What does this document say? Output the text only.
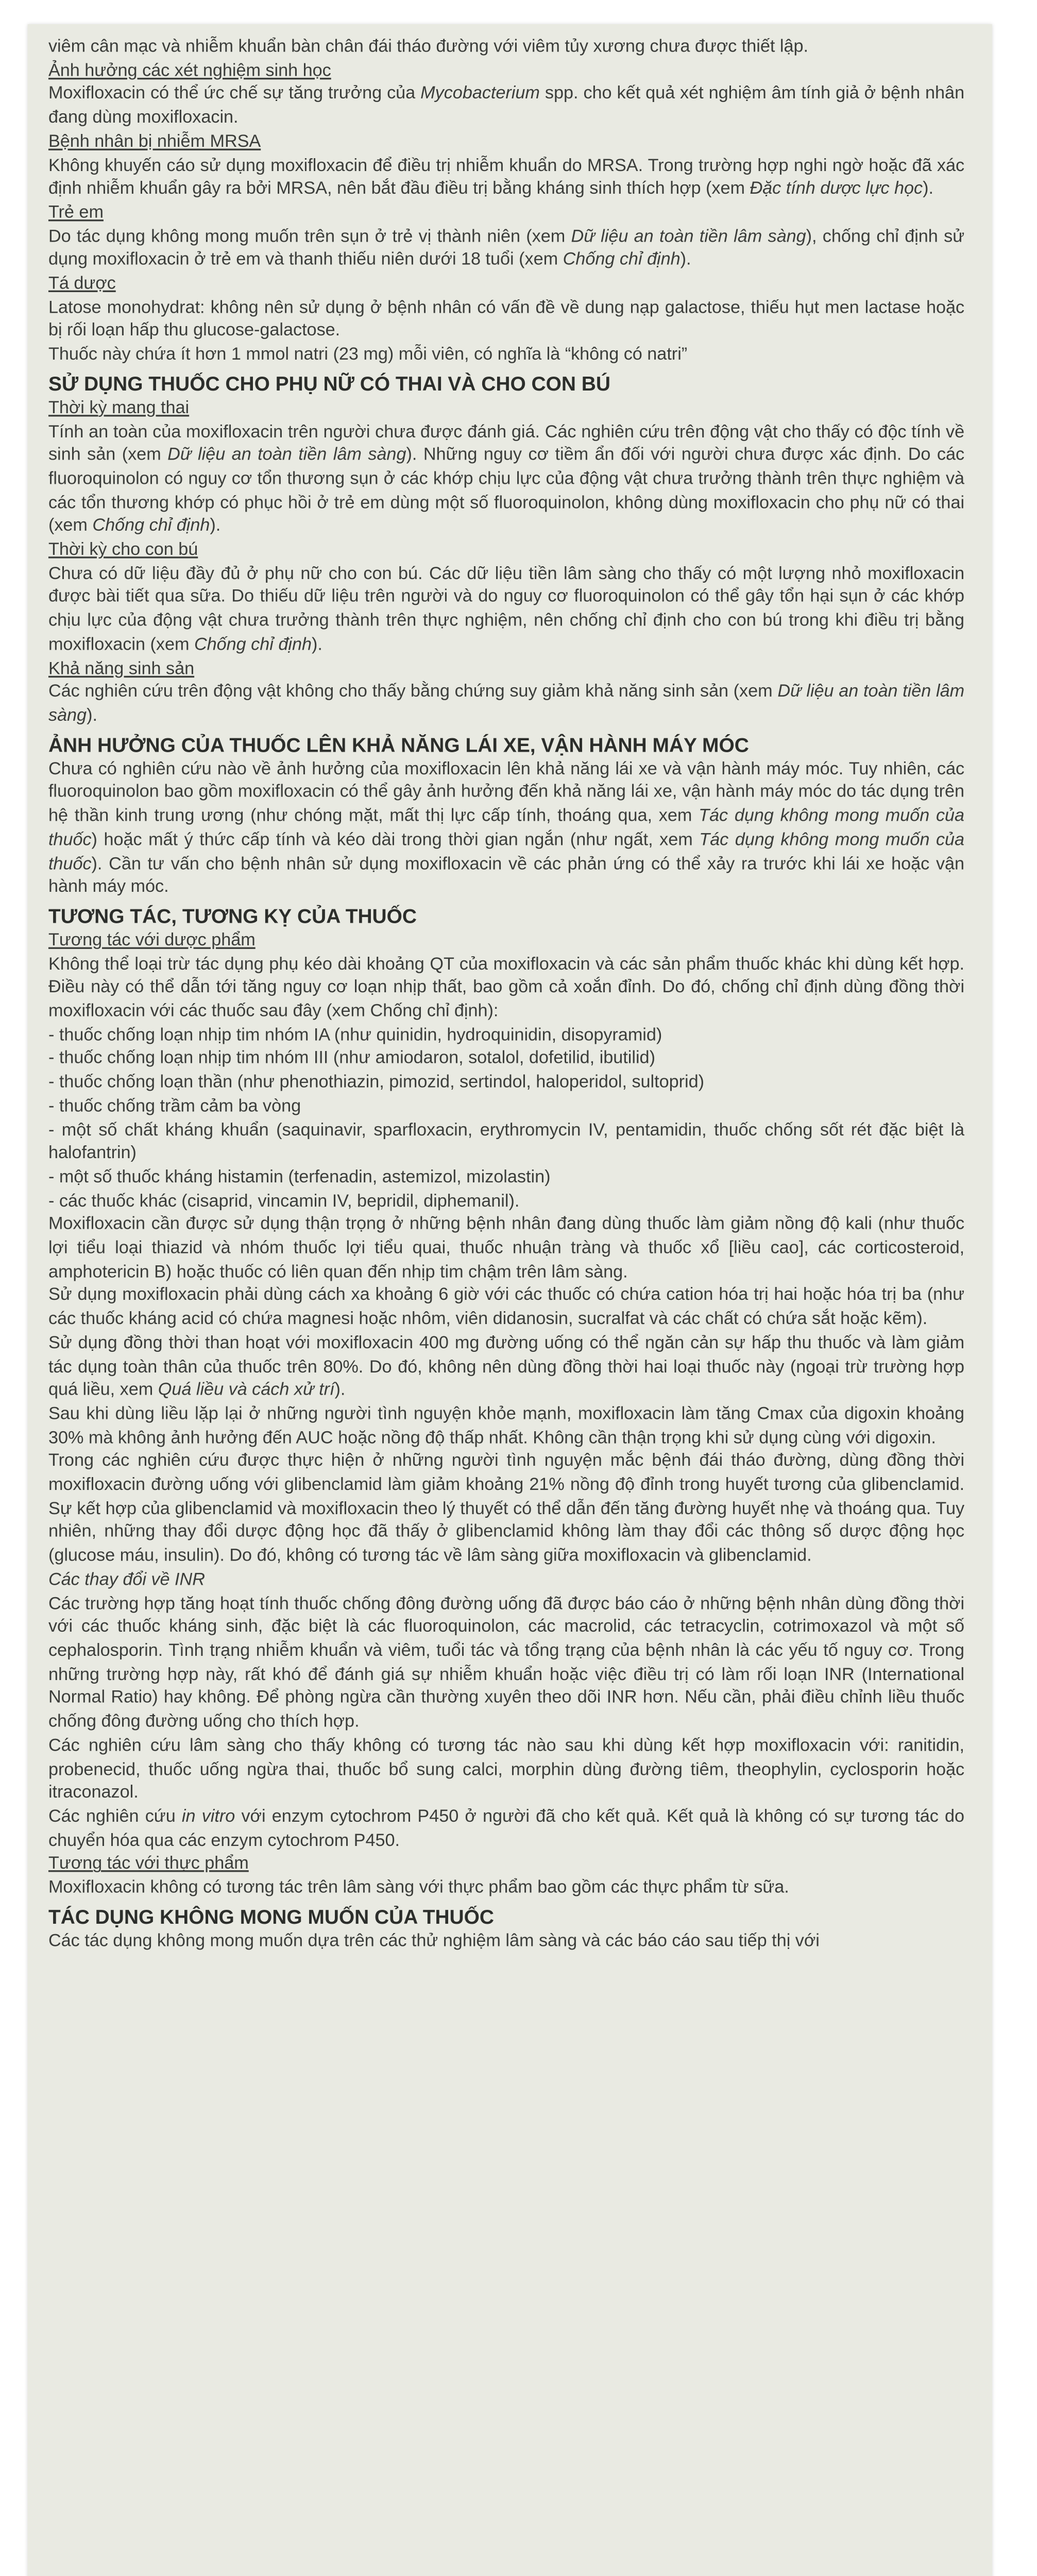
viêm cân mạc và nhiễm khuẩn bàn chân đái tháo đường với viêm tủy xương chưa được thiết lập.

Ảnh hưởng các xét nghiệm sinh học

Moxifloxacin có thể ức chế sự tăng trưởng của Mycobacterium spp. cho kết quả xét nghiệm âm tính giả ở bệnh nhân đang dùng moxifloxacin.

Bệnh nhân bị nhiễm MRSA

Không khuyến cáo sử dụng moxifloxacin để điều trị nhiễm khuẩn do MRSA. Trong trường hợp nghi ngờ hoặc đã xác định nhiễm khuẩn gây ra bởi MRSA, nên bắt đầu điều trị bằng kháng sinh thích hợp (xem Đặc tính dược lực học).

Trẻ em

Do tác dụng không mong muốn trên sụn ở trẻ vị thành niên (xem Dữ liệu an toàn tiền lâm sàng), chống chỉ định sử dụng moxifloxacin ở trẻ em và thanh thiếu niên dưới 18 tuổi (xem Chống chỉ định).

Tá dược

Latose monohydrat: không nên sử dụng ở bệnh nhân có vấn đề về dung nạp galactose, thiếu hụt men lactase hoặc bị rối loạn hấp thu glucose-galactose.

Thuốc này chứa ít hơn 1 mmol natri (23 mg) mỗi viên, có nghĩa là “không có natri”

SỬ DỤNG THUỐC CHO PHỤ NỮ CÓ THAI VÀ CHO CON BÚ
Thời kỳ mang thai

Tính an toàn của moxifloxacin trên người chưa được đánh giá. Các nghiên cứu trên động vật cho thấy có độc tính về sinh sản (xem Dữ liệu an toàn tiền lâm sàng). Những nguy cơ tiềm ẩn đối với người chưa được xác định. Do các fluoroquinolon có nguy cơ tổn thương sụn ở các khớp chịu lực của động vật chưa trưởng thành trên thực nghiệm và các tổn thương khớp có phục hồi ở trẻ em dùng một số fluoroquinolon, không dùng moxifloxacin cho phụ nữ có thai (xem Chống chỉ định).

Thời kỳ cho con bú

Chưa có dữ liệu đầy đủ ở phụ nữ cho con bú. Các dữ liệu tiền lâm sàng cho thấy có một lượng nhỏ moxifloxacin được bài tiết qua sữa. Do thiếu dữ liệu trên người và do nguy cơ fluoroquinolon có thể gây tổn hại sụn ở các khớp chịu lực của động vật chưa trưởng thành trên thực nghiệm, nên chống chỉ định cho con bú trong khi điều trị bằng moxifloxacin (xem Chống chỉ định).

Khả năng sinh sản

Các nghiên cứu trên động vật không cho thấy bằng chứng suy giảm khả năng sinh sản (xem Dữ liệu an toàn tiền lâm sàng).

ẢNH HƯỞNG CỦA THUỐC LÊN KHẢ NĂNG LÁI XE, VẬN HÀNH MÁY MÓC

Chưa có nghiên cứu nào về ảnh hưởng của moxifloxacin lên khả năng lái xe và vận hành máy móc. Tuy nhiên, các fluoroquinolon bao gồm moxifloxacin có thể gây ảnh hưởng đến khả năng lái xe, vận hành máy móc do tác dụng trên hệ thần kinh trung ương (như chóng mặt, mất thị lực cấp tính, thoáng qua, xem Tác dụng không mong muốn của thuốc) hoặc mất ý thức cấp tính và kéo dài trong thời gian ngắn (như ngất, xem Tác dụng không mong muốn của thuốc). Cần tư vấn cho bệnh nhân sử dụng moxifloxacin về các phản ứng có thể xảy ra trước khi lái xe hoặc vận hành máy móc.

TƯƠNG TÁC, TƯƠNG KỴ CỦA THUỐC
Tương tác với dược phẩm

Không thể loại trừ tác dụng phụ kéo dài khoảng QT của moxifloxacin và các sản phẩm thuốc khác khi dùng kết hợp. Điều này có thể dẫn tới tăng nguy cơ loạn nhịp thất, bao gồm cả xoắn đỉnh. Do đó, chống chỉ định dùng đồng thời moxifloxacin với các thuốc sau đây (xem Chống chỉ định):

- thuốc chống loạn nhịp tim nhóm IA (như quinidin, hydroquinidin, disopyramid)

- thuốc chống loạn nhịp tim nhóm III (như amiodaron, sotalol, dofetilid, ibutilid)

- thuốc chống loạn thần (như phenothiazin, pimozid, sertindol, haloperidol, sultoprid)

- thuốc chống trầm cảm ba vòng

- một số chất kháng khuẩn (saquinavir, sparfloxacin, erythromycin IV, pentamidin, thuốc chống sốt rét đặc biệt là halofantrin)

- một số thuốc kháng histamin (terfenadin, astemizol, mizolastin)

- các thuốc khác (cisaprid, vincamin IV, bepridil, diphemanil).

Moxifloxacin cần được sử dụng thận trọng ở những bệnh nhân đang dùng thuốc làm giảm nồng độ kali (như thuốc lợi tiểu loại thiazid và nhóm thuốc lợi tiểu quai, thuốc nhuận tràng và thuốc xổ [liều cao], các corticosteroid, amphotericin B) hoặc thuốc có liên quan đến nhịp tim chậm trên lâm sàng.

Sử dụng moxifloxacin phải dùng cách xa khoảng 6 giờ với các thuốc có chứa cation hóa trị hai hoặc hóa trị ba (như các thuốc kháng acid có chứa magnesi hoặc nhôm, viên didanosin, sucralfat và các chất có chứa sắt hoặc kẽm).

Sử dụng đồng thời than hoạt với moxifloxacin 400 mg đường uống có thể ngăn cản sự hấp thu thuốc và làm giảm tác dụng toàn thân của thuốc trên 80%. Do đó, không nên dùng đồng thời hai loại thuốc này (ngoại trừ trường hợp quá liều, xem Quá liều và cách xử trí).

Sau khi dùng liều lặp lại ở những người tình nguyện khỏe mạnh, moxifloxacin làm tăng Cmax của digoxin khoảng 30% mà không ảnh hưởng đến AUC hoặc nồng độ thấp nhất. Không cần thận trọng khi sử dụng cùng với digoxin.

Trong các nghiên cứu được thực hiện ở những người tình nguyện mắc bệnh đái tháo đường, dùng đồng thời moxifloxacin đường uống với glibenclamid làm giảm khoảng 21% nồng độ đỉnh trong huyết tương của glibenclamid. Sự kết hợp của glibenclamid và moxifloxacin theo lý thuyết có thể dẫn đến tăng đường huyết nhẹ và thoáng qua. Tuy nhiên, những thay đổi dược động học đã thấy ở glibenclamid không làm thay đổi các thông số dược động học (glucose máu, insulin). Do đó, không có tương tác về lâm sàng giữa moxifloxacin và glibenclamid.

Các thay đổi về INR

Các trường hợp tăng hoạt tính thuốc chống đông đường uống đã được báo cáo ở những bệnh nhân dùng đồng thời với các thuốc kháng sinh, đặc biệt là các fluoroquinolon, các macrolid, các tetracyclin, cotrimoxazol và một số cephalosporin. Tình trạng nhiễm khuẩn và viêm, tuổi tác và tổng trạng của bệnh nhân là các yếu tố nguy cơ. Trong những trường hợp này, rất khó để đánh giá sự nhiễm khuẩn hoặc việc điều trị có làm rối loạn INR (International Normal Ratio) hay không. Để phòng ngừa cần thường xuyên theo dõi INR hơn. Nếu cần, phải điều chỉnh liều thuốc chống đông đường uống cho thích hợp.

Các nghiên cứu lâm sàng cho thấy không có tương tác nào sau khi dùng kết hợp moxifloxacin với: ranitidin, probenecid, thuốc uống ngừa thai, thuốc bổ sung calci, morphin dùng đường tiêm, theophylin, cyclosporin hoặc itraconazol.

Các nghiên cứu in vitro với enzym cytochrom P450 ở người đã cho kết quả. Kết quả là không có sự tương tác do chuyển hóa qua các enzym cytochrom P450.

Tương tác với thực phẩm

Moxifloxacin không có tương tác trên lâm sàng với thực phẩm bao gồm các thực phẩm từ sữa.

TÁC DỤNG KHÔNG MONG MUỐN CỦA THUỐC

Các tác dụng không mong muốn dựa trên các thử nghiệm lâm sàng và các báo cáo sau tiếp thị với
